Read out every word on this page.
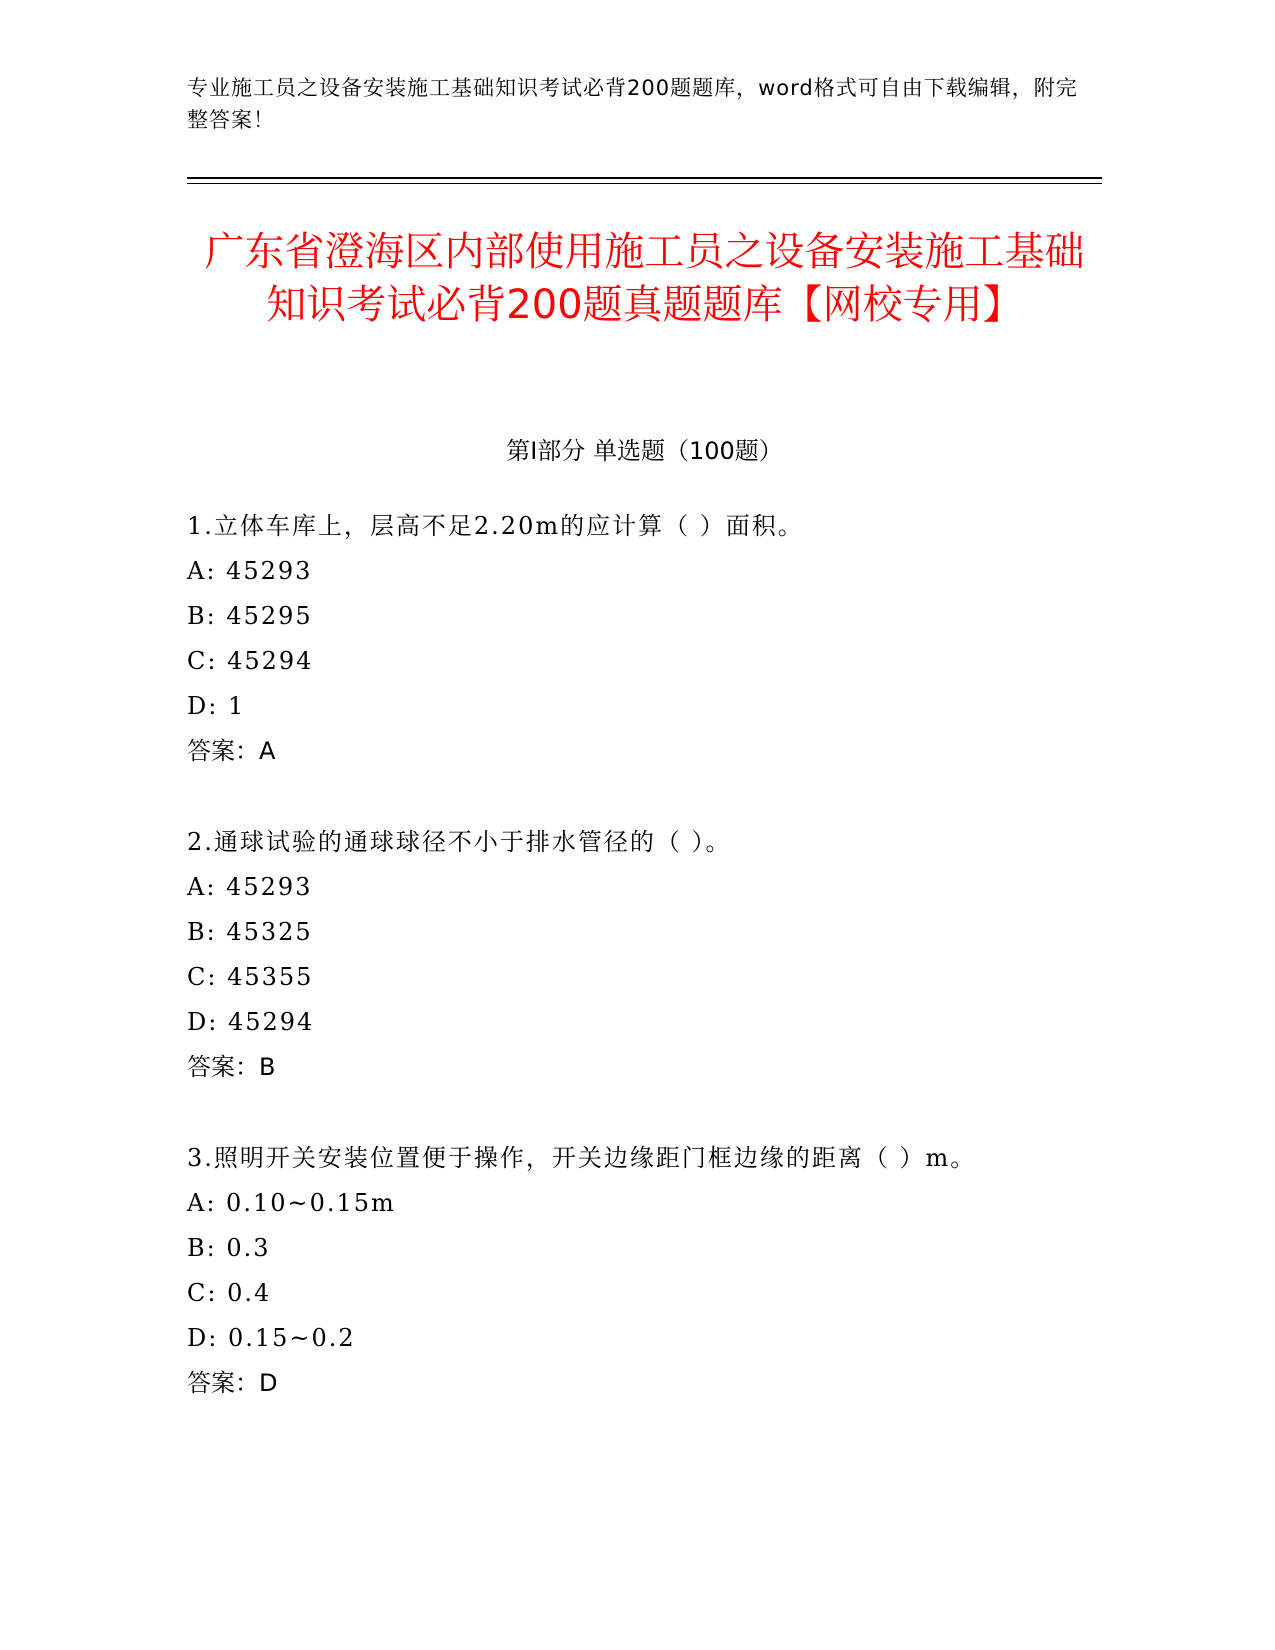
专业施工员之设备安装施工基础知识考试必背200题题库，word格式可自由下载编辑，附完整答案！
广东省澄海区内部使用施工员之设备安装施工基础知识考试必背200题真题题库【网校专用】
第Ⅰ部分 单选题（100题）
1.立体车库上，层高不足2.20m的应计算（ ）面积。
A: 45293
B: 45295
C: 45294
D: 1
答案：A
2.通球试验的通球球径不小于排水管径的（ ）。
A: 45293
B: 45325
C: 45355
D: 45294
答案：B
3.照明开关安装位置便于操作，开关边缘距门框边缘的距离（ ）m。
A: 0.10~0.15m
B: 0.3
C: 0.4
D: 0.15~0.2
答案：D
